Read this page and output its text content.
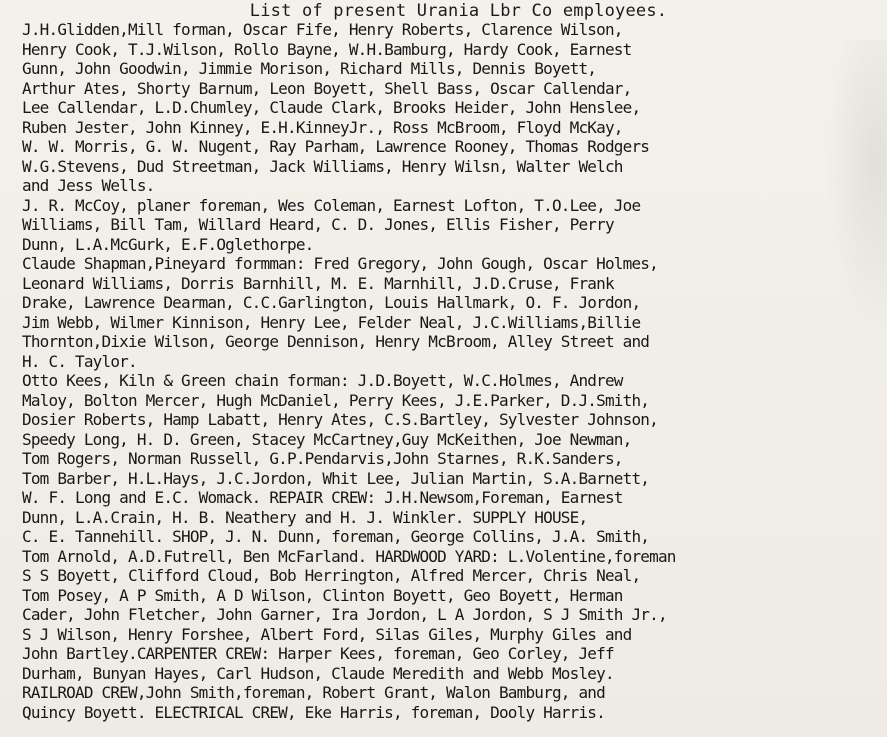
List of present Urania Lbr Co employees.
J.H.Glidden,Mill forman, Oscar Fife, Henry Roberts, Clarence Wilson,
Henry Cook, T.J.Wilson, Rollo Bayne, W.H.Bamburg, Hardy Cook, Earnest
Gunn, John Goodwin, Jimmie Morison, Richard Mills, Dennis Boyett,
Arthur Ates, Shorty Barnum, Leon Boyett, Shell Bass, Oscar Callendar,
Lee Callendar, L.D.Chumley, Claude Clark, Brooks Heider, John Henslee,
Ruben Jester, John Kinney, E.H.KinneyJr., Ross McBroom, Floyd McKay,
W. W. Morris, G. W. Nugent, Ray Parham, Lawrence Rooney, Thomas Rodgers
W.G.Stevens, Dud Streetman, Jack Williams, Henry Wilsn, Walter Welch
and Jess Wells.
J. R. McCoy, planer foreman, Wes Coleman, Earnest Lofton, T.O.Lee, Joe
Williams, Bill Tam, Willard Heard, C. D. Jones, Ellis Fisher, Perry
Dunn, L.A.McGurk, E.F.Oglethorpe.
Claude Shapman,Pineyard formman: Fred Gregory, John Gough, Oscar Holmes,
Leonard Williams, Dorris Barnhill, M. E. Marnhill, J.D.Cruse, Frank
Drake, Lawrence Dearman, C.C.Garlington, Louis Hallmark, O. F. Jordon,
Jim Webb, Wilmer Kinnison, Henry Lee, Felder Neal, J.C.Williams,Billie
Thornton,Dixie Wilson, George Dennison, Henry McBroom, Alley Street and
H. C. Taylor.
Otto Kees, Kiln & Green chain forman: J.D.Boyett, W.C.Holmes, Andrew
Maloy, Bolton Mercer, Hugh McDaniel, Perry Kees, J.E.Parker, D.J.Smith,
Dosier Roberts, Hamp Labatt, Henry Ates, C.S.Bartley, Sylvester Johnson,
Speedy Long, H. D. Green, Stacey McCartney,Guy McKeithen, Joe Newman,
Tom Rogers, Norman Russell, G.P.Pendarvis,John Starnes, R.K.Sanders,
Tom Barber, H.L.Hays, J.C.Jordon, Whit Lee, Julian Martin, S.A.Barnett,
W. F. Long and E.C. Womack. REPAIR CREW: J.H.Newsom,Foreman, Earnest
Dunn, L.A.Crain, H. B. Neathery and H. J. Winkler. SUPPLY HOUSE,
C. E. Tannehill. SHOP, J. N. Dunn, foreman, George Collins, J.A. Smith,
Tom Arnold, A.D.Futrell, Ben McFarland. HARDWOOD YARD: L.Volentine,foreman
S S Boyett, Clifford Cloud, Bob Herrington, Alfred Mercer, Chris Neal,
Tom Posey, A P Smith, A D Wilson, Clinton Boyett, Geo Boyett, Herman
Cader, John Fletcher, John Garner, Ira Jordon, L A Jordon, S J Smith Jr.,
S J Wilson, Henry Forshee, Albert Ford, Silas Giles, Murphy Giles and
John Bartley.CARPENTER CREW: Harper Kees, foreman, Geo Corley, Jeff
Durham, Bunyan Hayes, Carl Hudson, Claude Meredith and Webb Mosley.
RAILROAD CREW,John Smith,foreman, Robert Grant, Walon Bamburg, and
Quincy Boyett. ELECTRICAL CREW, Eke Harris, foreman, Dooly Harris.
